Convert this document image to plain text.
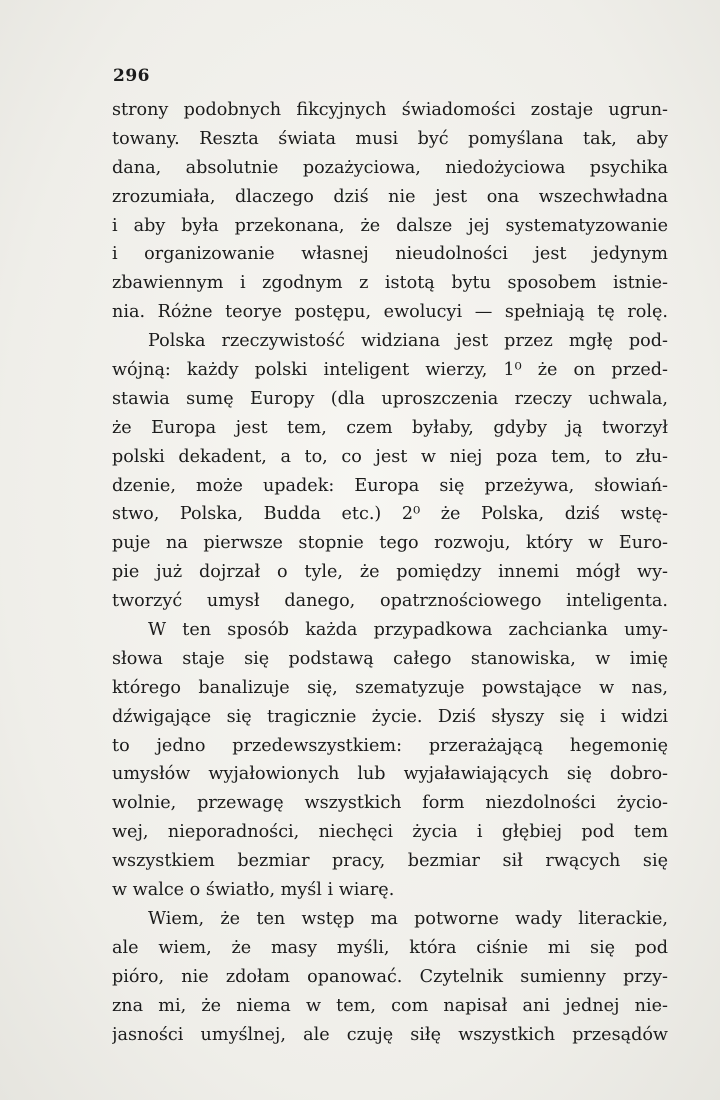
296
strony podobnych fikcyjnych świadomości zostaje ugrun-
towany. Reszta świata musi być pomyślana tak, aby
dana, absolutnie pozażyciowa, niedożyciowa psychika
zrozumiała, dlaczego dziś nie jest ona wszechwładna
i aby była przekonana, że dalsze jej systematyzowanie
i organizowanie własnej nieudolności jest jedynym
zbawiennym i zgodnym z istotą bytu sposobem istnie-
nia. Różne teorye postępu, ewolucyi — spełniają tę rolę.
Polska rzeczywistość widziana jest przez mgłę pod-
wójną: każdy polski inteligent wierzy, 1⁰ że on przed-
stawia sumę Europy (dla uproszczenia rzeczy uchwala,
że Europa jest tem, czem byłaby, gdyby ją tworzył
polski dekadent, a to, co jest w niej poza tem, to złu-
dzenie, może upadek: Europa się przeżywa, słowiań-
stwo, Polska, Budda etc.) 2⁰ że Polska, dziś wstę-
puje na pierwsze stopnie tego rozwoju, który w Euro-
pie już dojrzał o tyle, że pomiędzy innemi mógł wy-
tworzyć umysł danego, opatrznościowego inteligenta.
W ten sposób każda przypadkowa zachcianka umy-
słowa staje się podstawą całego stanowiska, w imię
którego banalizuje się, szematyzuje powstające w nas,
dźwigające się tragicznie życie. Dziś słyszy się i widzi
to jedno przedewszystkiem: przerażającą hegemonię
umysłów wyjałowionych lub wyjaławiających się dobro-
wolnie, przewagę wszystkich form niezdolności życio-
wej, nieporadności, niechęci życia i głębiej pod tem
wszystkiem bezmiar pracy, bezmiar sił rwących się
w walce o światło, myśl i wiarę.
Wiem, że ten wstęp ma potworne wady literackie,
ale wiem, że masy myśli, która ciśnie mi się pod
pióro, nie zdołam opanować. Czytelnik sumienny przy-
zna mi, że niema w tem, com napisał ani jednej nie-
jasności umyślnej, ale czuję siłę wszystkich przesądów
